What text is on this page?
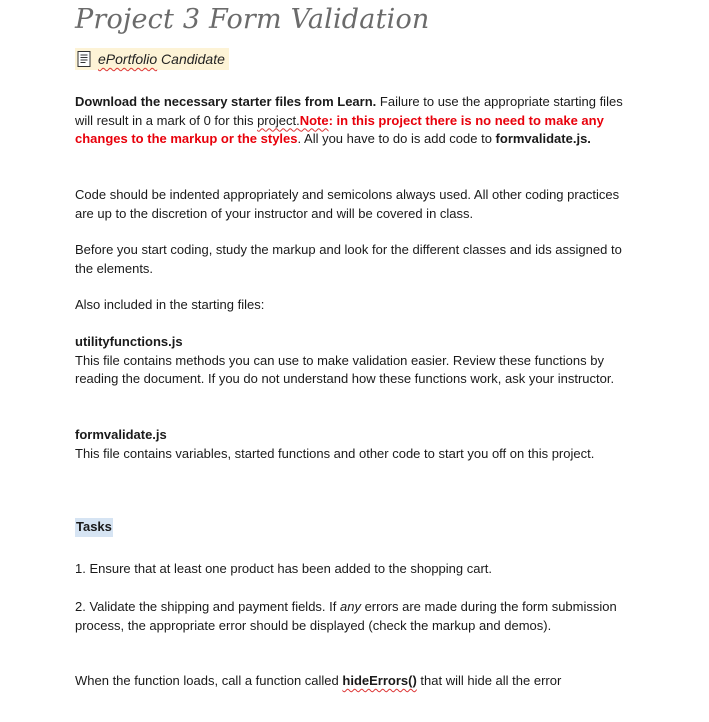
Project 3 Form Validation
ePortfolio Candidate

Download the necessary starter files from Learn. Failure to use the appropriate starting files will result in a mark of 0 for this project.Note: in this project there is no need to make any changes to the markup or the styles. All you have to do is add code to formvalidate.js.

Code should be indented appropriately and semicolons always used. All other coding practices are up to the discretion of your instructor and will be covered in class.

Before you start coding, study the markup and look for the different classes and ids assigned to the elements.

Also included in the starting files:

utilityfunctions.js
This file contains methods you can use to make validation easier. Review these functions by reading the document. If you do not understand how these functions work, ask your instructor.

formvalidate.js
This file contains variables, started functions and other code to start you off on this project.

Tasks

1. Ensure that at least one product has been added to the shopping cart.

2. Validate the shipping and payment fields. If any errors are made during the form submission process, the appropriate error should be displayed (check the markup and demos).

When the function loads, call a function called hideErrors() that will hide all the error
